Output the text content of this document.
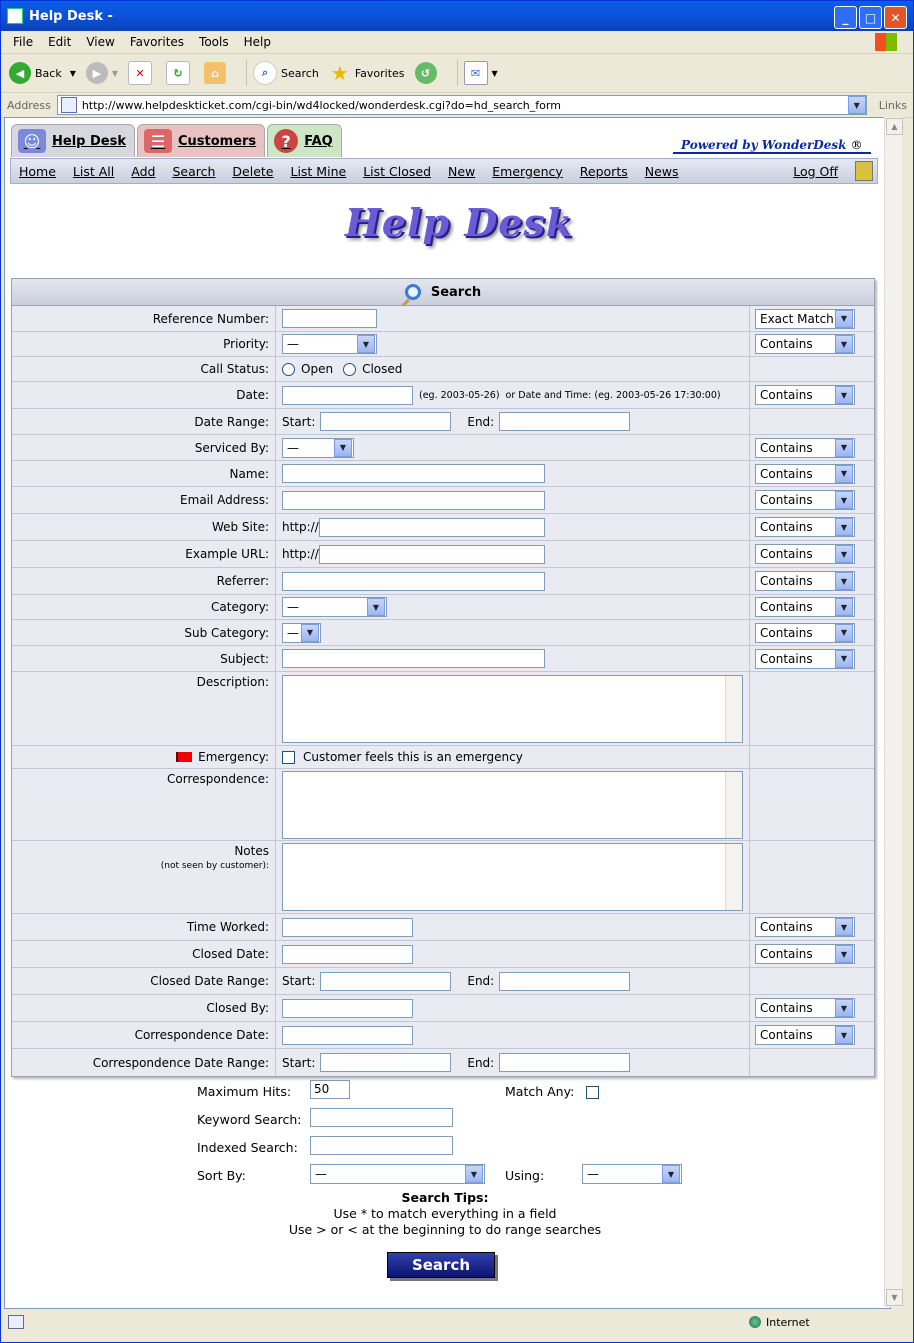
Help Desk -	_	□	✕
File Edit View Favorites Tools Help
◀ Back ▼	▶	▼	✕	↻	⌂	⌕	Search ★ Favorites	↺	✉	▼
Address	http://www.helpdeskticket.com/cgi-bin/wd4locked/wonderdesk.cgi?do=hd_search_form	▼	Links
☺ Help Desk	☰ Customers	?	FAQ	Powered by WonderDesk ®
Home List All Add Search Delete List Mine List Closed New Emergency Reports News	Log Off
Help Desk
Search
Reference Number:	Exact Match ▼
Priority: —	▼	Contains	▼
Call Status:	Open Closed
Date:	(eg. 2003-05-26) or Date and Time: (eg. 2003-05-26 17:30:00)	Contains	▼
Date Range: Start:	End:
Serviced By: —	▼	Contains	▼
Name:	Contains	▼
Email Address:	Contains	▼
Web Site: http://	Contains	▼
Example URL: http://	Contains	▼
Referrer:	Contains	▼
Category: —	▼	Contains	▼
Sub Category: — ▼	Contains	▼
Subject:	Contains	▼
Description:
Emergency:	Customer feels this is an emergency
Correspondence:
Notes
(not seen by customer):
Time Worked:	Contains	▼
Closed Date:	Contains	▼
Closed Date Range: Start:	End:
Closed By:	Contains	▼
Correspondence Date:	Contains	▼
Correspondence Date Range: Start:	End:
Maximum Hits:	50	Match Any:
Keyword Search:
Indexed Search:
Sort By:	—	▼	Using:	—	▼
Search Tips:
Use * to match everything in a field
Use > or < at the beginning to do range searches
Search
▲
▼
Internet
